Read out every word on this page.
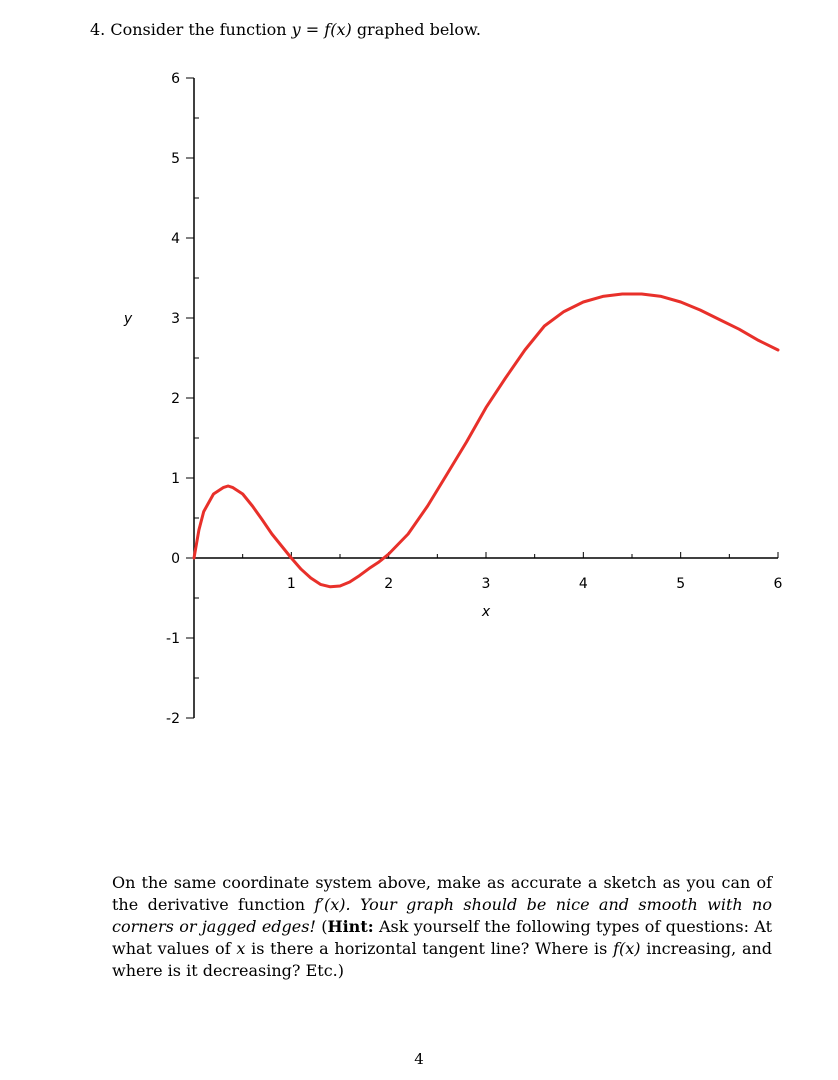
4. Consider the function y = f(x) graphed below.

-2
-1
0
1
2
3
4
5
6
1	2	3	4	5	6
x
y

On the same coordinate system above, make as accurate a sketch as you can of the derivative function f′(x). Your graph should be nice and smooth with no corners or jagged edges! (Hint: Ask yourself the following types of questions: At what values of x is there a horizontal tangent line? Where is f(x) increasing, and where is it decreasing? Etc.)

4
